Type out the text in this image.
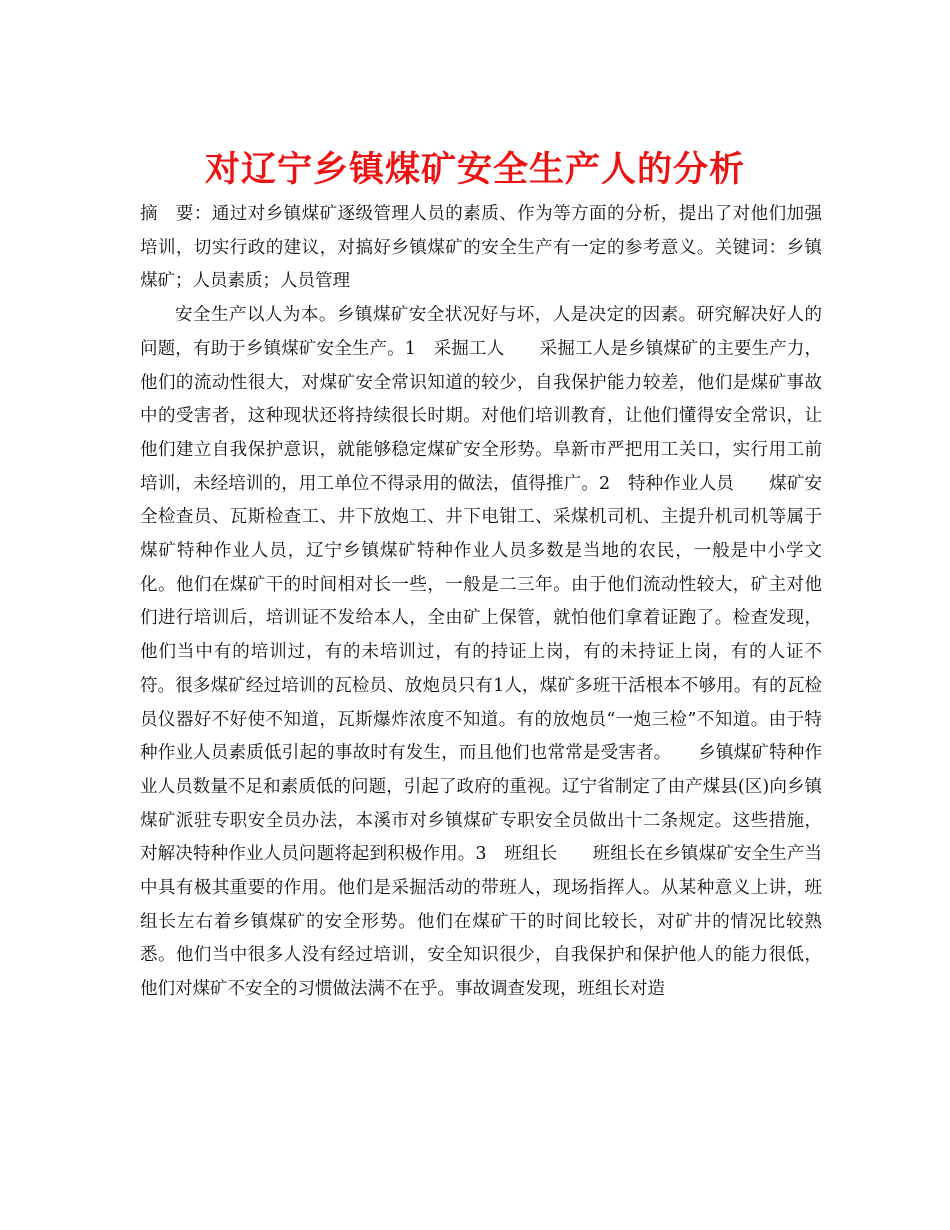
对辽宁乡镇煤矿安全生产人的分析

摘　要：通过对乡镇煤矿逐级管理人员的素质、作为等方面的分析，提出了对他们加强培训，切实行政的建议，对搞好乡镇煤矿的安全生产有一定的参考意义。关键词：乡镇煤矿；人员素质；人员管理

安全生产以人为本。乡镇煤矿安全状况好与坏，人是决定的因素。研究解决好人的问题，有助于乡镇煤矿安全生产。1　采掘工人　　采掘工人是乡镇煤矿的主要生产力，他们的流动性很大，对煤矿安全常识知道的较少，自我保护能力较差，他们是煤矿事故中的受害者，这种现状还将持续很长时期。对他们培训教育，让他们懂得安全常识，让他们建立自我保护意识，就能够稳定煤矿安全形势。阜新市严把用工关口，实行用工前培训，未经培训的，用工单位不得录用的做法，值得推广。2　特种作业人员　　煤矿安全检查员、瓦斯检查工、井下放炮工、井下电钳工、采煤机司机、主提升机司机等属于煤矿特种作业人员，辽宁乡镇煤矿特种作业人员多数是当地的农民，一般是中小学文化。他们在煤矿干的时间相对长一些，一般是二三年。由于他们流动性较大，矿主对他们进行培训后，培训证不发给本人，全由矿上保管，就怕他们拿着证跑了。检查发现，他们当中有的培训过，有的未培训过，有的持证上岗，有的未持证上岗，有的人证不符。很多煤矿经过培训的瓦检员、放炮员只有1人，煤矿多班干活根本不够用。有的瓦检员仪器好不好使不知道，瓦斯爆炸浓度不知道。有的放炮员“一炮三检”不知道。由于特种作业人员素质低引起的事故时有发生，而且他们也常常是受害者。　　乡镇煤矿特种作业人员数量不足和素质低的问题，引起了政府的重视。辽宁省制定了由产煤县(区)向乡镇煤矿派驻专职安全员办法，本溪市对乡镇煤矿专职安全员做出十二条规定。这些措施，对解决特种作业人员问题将起到积极作用。3　班组长　　班组长在乡镇煤矿安全生产当中具有极其重要的作用。他们是采掘活动的带班人，现场指挥人。从某种意义上讲，班组长左右着乡镇煤矿的安全形势。他们在煤矿干的时间比较长，对矿井的情况比较熟悉。他们当中很多人没有经过培训，安全知识很少，自我保护和保护他人的能力很低，他们对煤矿不安全的习惯做法满不在乎。事故调查发现，班组长对造
